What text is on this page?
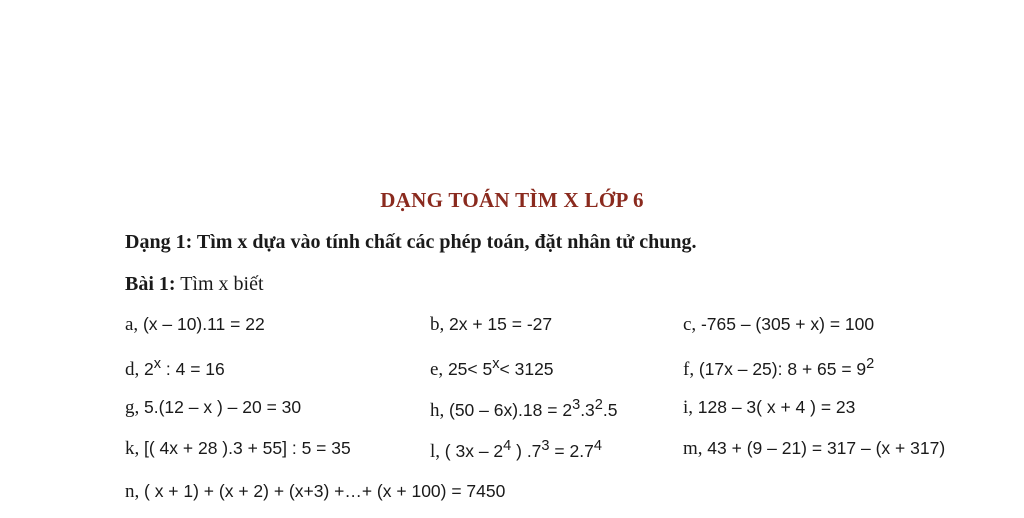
DẠNG TOÁN TÌM X LỚP 6
Dạng 1: Tìm x dựa vào tính chất các phép toán, đặt nhân tử chung.
Bài 1: Tìm x biết
a, (x – 10).11 = 22	b, 2x + 15 = -27	c, -765 – (305 + x) = 100
d, 2$^x$ : 4 = 16	e, $25< 5^x< 3125$	f, (17x – 25): $8 + 65 = 9^2$
g, 5.(12 – x ) – 20 = 30	h, $(50 - 6x).18 = 2^3.3^2.5$	i, 128 – 3( x + 4 ) = 23
k, [( 4x + 28 ).3 + 55] : 5 = 35	l, ( $3x - 2^4$ ) $.7^3 = 2.7^4$	m, 43 + (9 – 21) = 317 – (x + 317)
n, ( x + 1) + (x + 2) + (x+3) +…+ (x + 100) = 7450
